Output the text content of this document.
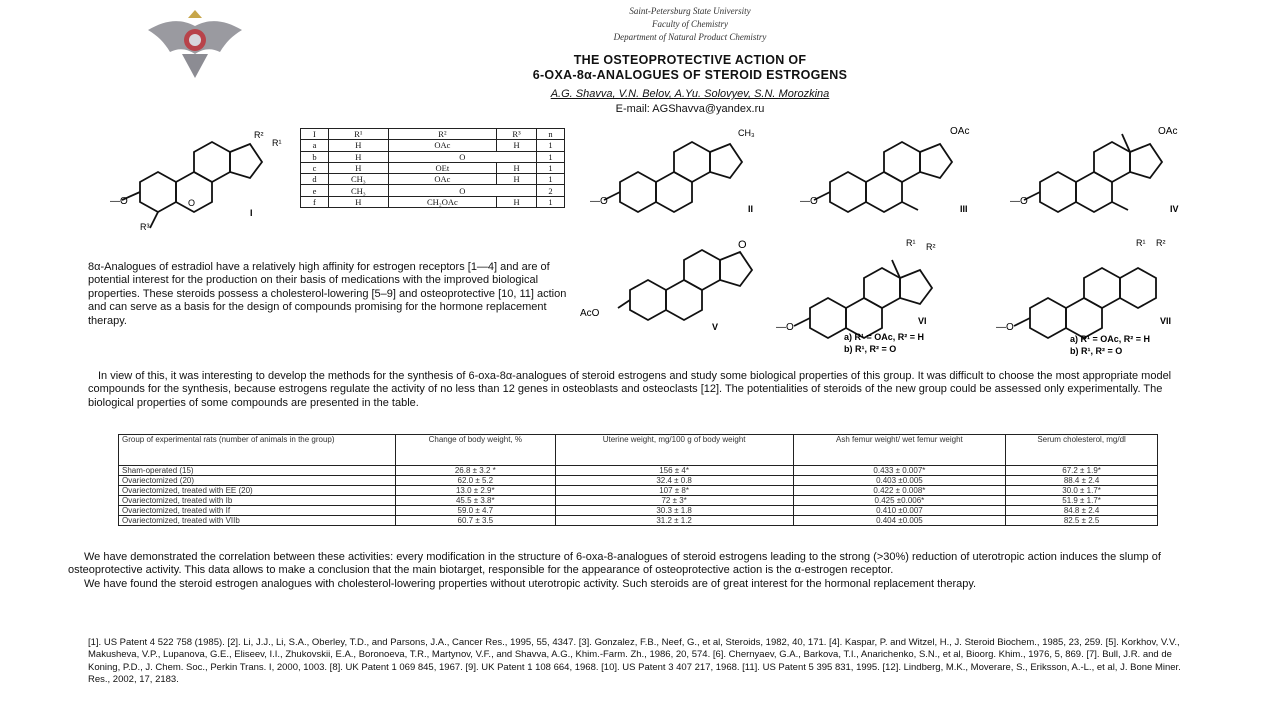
Saint-Petersburg State University
Faculty of Chemistry
Department of Natural Product Chemistry
THE OSTEOPROTECTIVE ACTION OF
6-OXA-8α-ANALOGUES OF STEROID ESTROGENS
A.G. Shavva, V.N. Belov, A.Yu. Solovyev, S.N. Morozkina
E-mail: AGShavva@yandex.ru
—O	O
R²
R¹
R³
I
I	R¹	R²	R³	n
a	H	OAc	H	1
b	H	O		1
c	H	OEt	H	1
d	CH₃	OAc	H	1
e	CH₃	O		2
f	H	CH₂OAc	H	1	—O
CH₃
II
—O
OAc
III
—O
OAc
IV
AcO
O
V	—O
R¹ R²
VI
a) R¹ = OAc, R² = H
b) R¹, R² = O
—O
R¹ R²
VII
a) R¹ = OAc, R² = H
b) R¹, R² = O
8α-Analogues of estradiol have a relatively high affinity for estrogen receptors [1—4] and are of potential interest for the production on their basis of medications with the improved biological properties. These steroids possess a cholesterol-lowering [5–9] and osteoprotective [10, 11] action and can serve as a basis for the design of compounds promising for the hormone replacement therapy.
In view of this, it was interesting to develop the methods for the synthesis of 6-oxa-8α-analogues of steroid estrogens and study some biological properties of this group. It was difficult to choose the most appropriate model compounds for the synthesis, because estrogens regulate the activity of no less than 12 genes in osteoblasts and osteoclasts [12]. The potentialities of steroids of the new group could be assessed only experimentally. The biological properties of some compounds are presented in the table.
Group of experimental rats (number of animals in the group)	Change of body weight, %	Uterine weight, mg/100 g of body weight	Ash femur weight/ wet femur weight	Serum cholesterol, mg/dl
Sham-operated (15)	26.8 ± 3.2 *	156 ± 4*	0.433 ± 0.007*	67.2 ± 1.9*
Ovariectomized (20)	62.0 ± 5.2	32.4 ± 0.8	0.403 ±0.005	88.4 ± 2.4
Ovariectomized, treated with EE (20)	13.0 ± 2.9*	107 ± 8*	0.422 ± 0.008*	30.0 ± 1.7*
Ovariectomized, treated with Ib	45.5 ± 3.8*	72 ± 3*	0.425 ±0.006*	51.9 ± 1.7*
Ovariectomized, treated with If	59.0 ± 4.7	30.3 ± 1.8	0.410 ±0.007	84.8 ± 2.4
Ovariectomized, treated with VIIb	60.7 ± 3.5	31.2 ± 1.2	0.404 ±0.005	82.5 ± 2.5
We have demonstrated the correlation between these activities: every modification in the structure of 6-oxa-8-analogues of steroid estrogens leading to the strong (>30%) reduction of uterotropic action induces the slump of osteoprotective activity. This data allows to make a conclusion that the main biotarget, responsible for the appearance of osteoprotective action is the α-estrogen receptor.
We have found the steroid estrogen analogues with cholesterol-lowering properties without uterotropic activity. Such steroids are of great interest for the hormonal replacement therapy.
[1]. US Patent 4 522 758 (1985). [2]. Li, J.J., Li, S.A., Oberley, T.D., and Parsons, J.A., Cancer Res., 1995, 55, 4347. [3]. Gonzalez, F.B., Neef, G., et al, Steroids, 1982, 40, 171. [4]. Kaspar, P. and Witzel, H., J. Steroid Biochem., 1985, 23, 259. [5]. Korkhov, V.V., Makusheva, V.P., Lupanova, G.E., Eliseev, I.I., Zhukovskii, E.A., Boronoeva, T.R., Martynov, V.F., and Shavva, A.G., Khim.-Farm. Zh., 1986, 20, 574. [6]. Chernyaev, G.A., Barkova, T.I., Anarichenko, S.N., et al, Bioorg. Khim., 1976, 5, 869. [7]. Bull, J.R. and de Koning, P.D., J. Chem. Soc., Perkin Trans. I, 2000, 1003. [8]. UK Patent 1 069 845, 1967. [9]. UK Patent 1 108 664, 1968. [10]. US Patent 3 407 217, 1968. [11]. US Patent 5 395 831, 1995. [12]. Lindberg, M.K., Moverare, S., Eriksson, A.-L., et al, J. Bone Miner. Res., 2002, 17, 2183.
